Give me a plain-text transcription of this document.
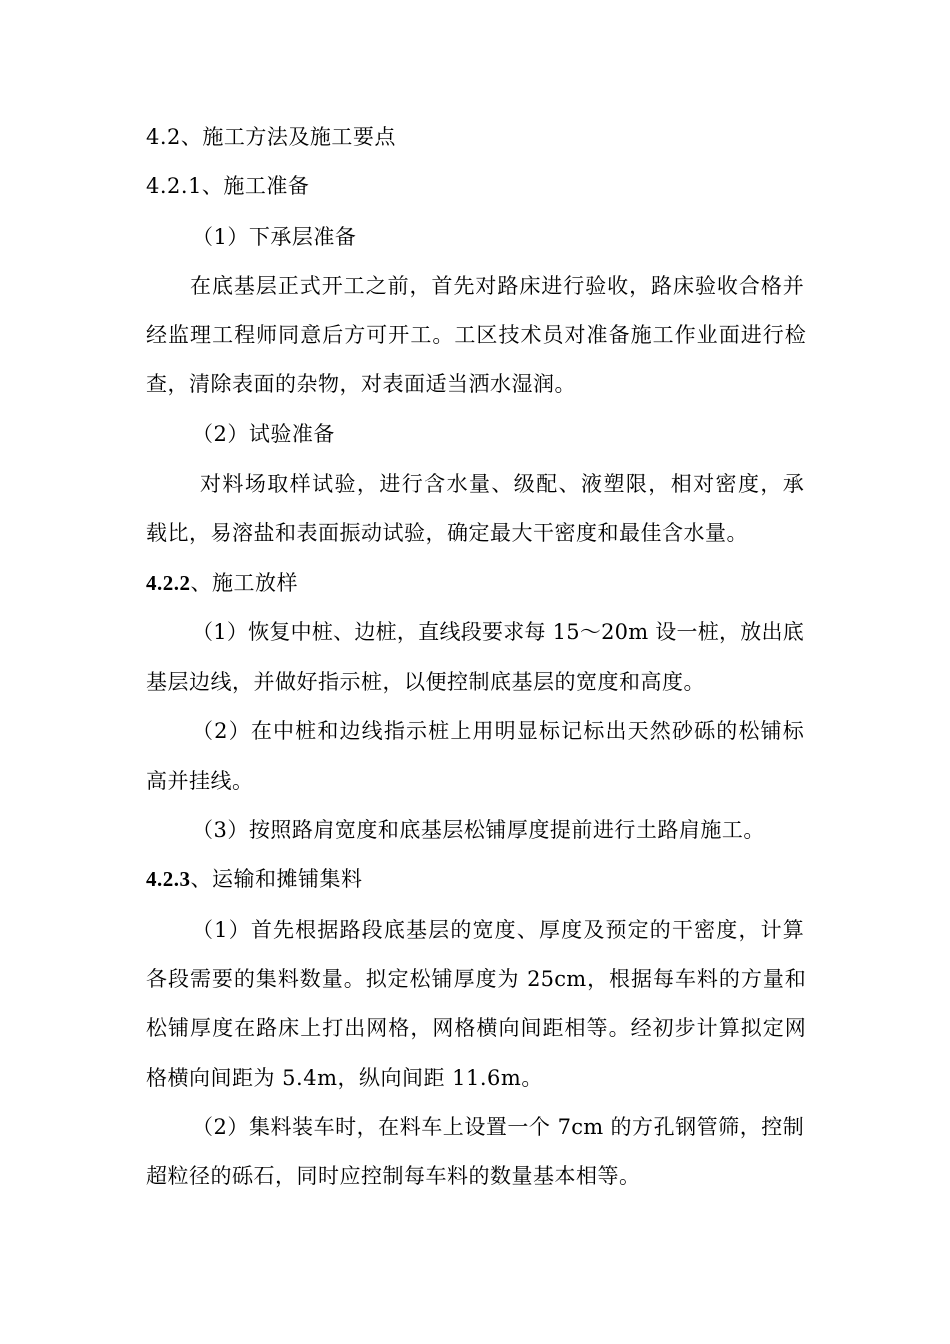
4.2、施工方法及施工要点
4.2.1、施工准备
（1）下承层准备
在底基层正式开工之前，首先对路床进行验收，路床验收合格并
经监理工程师同意后方可开工。工区技术员对准备施工作业面进行检
查，清除表面的杂物，对表面适当洒水湿润。
（2）试验准备
对料场取样试验，进行含水量、级配、液塑限，相对密度，承
载比，易溶盐和表面振动试验，确定最大干密度和最佳含水量。
4.2.2、施工放样
（1）恢复中桩、边桩，直线段要求每 15～20m 设一桩，放出底
基层边线，并做好指示桩，以便控制底基层的宽度和高度。
（2）在中桩和边线指示桩上用明显标记标出天然砂砾的松铺标
高并挂线。
（3）按照路肩宽度和底基层松铺厚度提前进行土路肩施工。
4.2.3、运输和摊铺集料
（1）首先根据路段底基层的宽度、厚度及预定的干密度，计算
各段需要的集料数量。拟定松铺厚度为 25cm，根据每车料的方量和
松铺厚度在路床上打出网格，网格横向间距相等。经初步计算拟定网
格横向间距为 5.4m，纵向间距 11.6m。
（2）集料装车时，在料车上设置一个 7cm 的方孔钢管筛，控制
超粒径的砾石，同时应控制每车料的数量基本相等。
